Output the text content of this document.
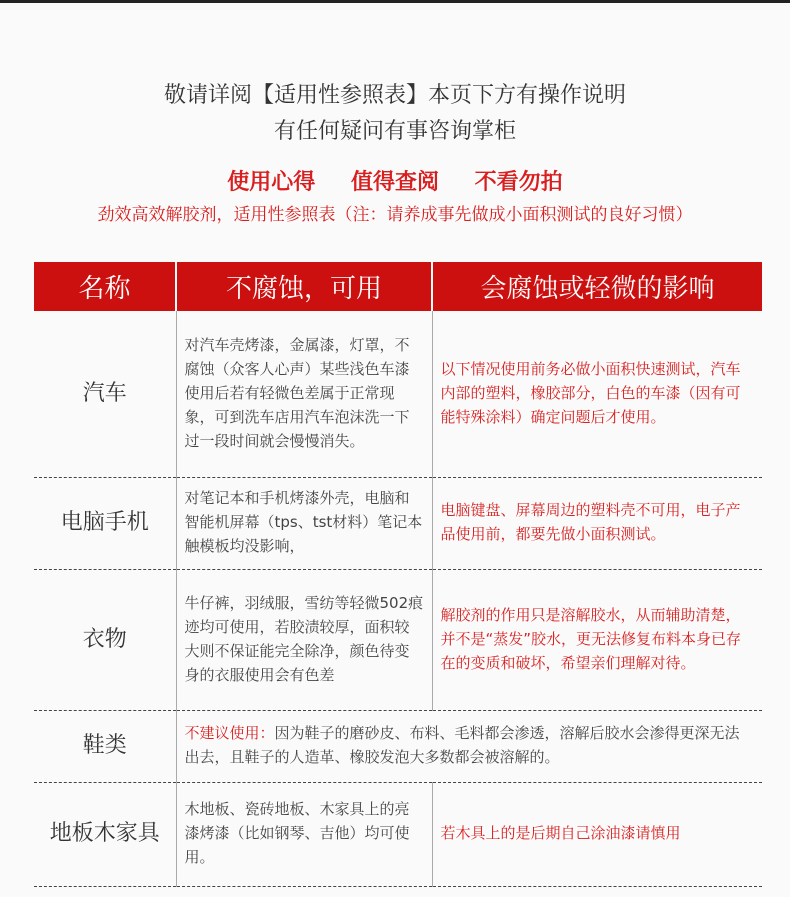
敬请详阅【适用性参照表】本页下方有操作说明
有任何疑问有事咨询掌柜
使用心得 值得查阅 不看勿拍
劲效高效解胶剂，适用性参照表（注：请养成事先做成小面积测试的良好习惯）
名称	不腐蚀，可用	会腐蚀或轻微的影响
汽车	对汽车壳烤漆，金属漆，灯罩，不腐蚀（众客人心声）某些浅色车漆使用后若有轻微色差属于正常现象，可到洗车店用汽车泡沫洗一下过一段时间就会慢慢消失。	以下情况使用前务必做小面积快速测试，汽车内部的塑料，橡胶部分，白色的车漆（因有可能特殊涂料）确定问题后才使用。
电脑手机	对笔记本和手机烤漆外壳，电脑和智能机屏幕（tps、tst材料）笔记本触模板均没影响，	电脑键盘、屏幕周边的塑料壳不可用，电子产品使用前，都要先做小面积测试。
衣物	牛仔裤，羽绒服，雪纺等轻微502痕迹均可使用，若胶渍较厚，面积较大则不保证能完全除净，颜色待变身的衣服使用会有色差	解胶剂的作用只是溶解胶水，从而辅助清楚，并不是“蒸发”胶水，更无法修复布料本身已存在的变质和破坏，希望亲们理解对待。
鞋类	不建议使用：因为鞋子的磨砂皮、布料、毛料都会渗透，溶解后胶水会渗得更深无法出去，且鞋子的人造革、橡胶发泡大多数都会被溶解的。	
地板木家具	木地板、瓷砖地板、木家具上的亮漆烤漆（比如钢琴、吉他）均可使用。	若木具上的是后期自己涂油漆请慎用
